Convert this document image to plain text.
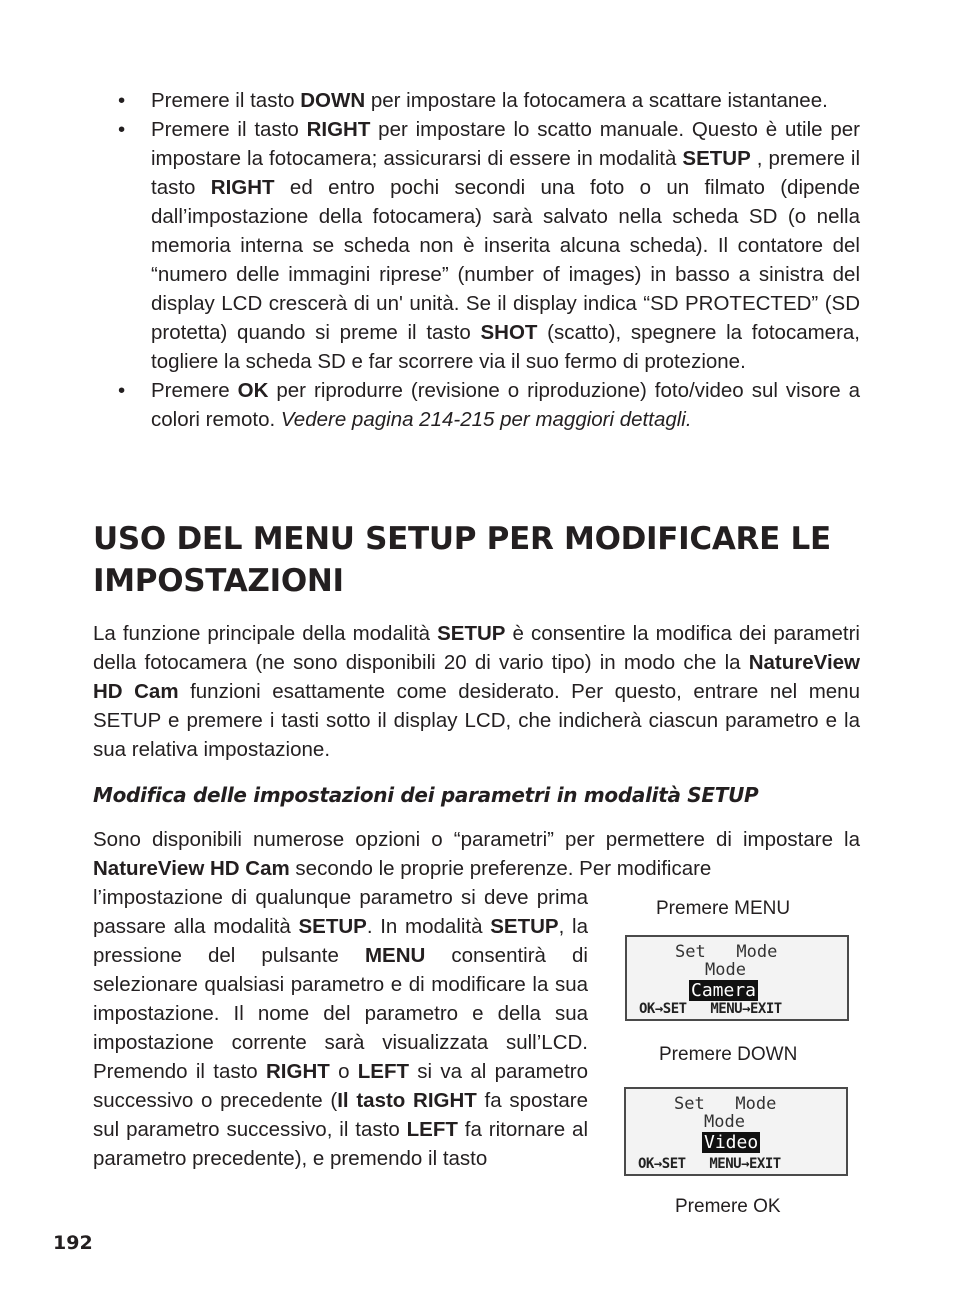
• Premere il tasto DOWN per impostare la fotocamera a scattare istantanee.
• Premere il tasto RIGHT per impostare lo scatto manuale. Questo è utile per impostare la fotocamera; assicurarsi di essere in modalità SETUP , premere il tasto RIGHT ed entro pochi secondi una foto o un filmato (dipende dall’impostazione della fotocamera) sarà salvato nella scheda SD (o nella memoria interna se scheda non è inserita alcuna scheda). Il contatore del “numero delle immagini riprese” (number of images) in basso a sinistra del display LCD crescerà di un' unità. Se il display indica “SD PROTECTED” (SD protetta) quando si preme il tasto SHOT (scatto), spegnere la fotocamera, togliere la scheda SD e far scorrere via il suo fermo di protezione.
• Premere OK per riprodurre (revisione o riproduzione) foto/video sul visore a colori remoto. Vedere pagina 214-215 per maggiori dettagli.
USO DEL MENU SETUP PER MODIFICARE LE IMPOSTAZIONI

La funzione principale della modalità SETUP è consentire la modifica dei parametri della fotocamera (ne sono disponibili 20 di vario tipo) in modo che la NatureView HD Cam funzioni esattamente come desiderato. Per questo, entrare nel menu SETUP e premere i tasti sotto il display LCD, che indicherà ciascun parametro e la sua relativa impostazione.

Modifica delle impostazioni dei parametri in modalità SETUP

Sono disponibili numerose opzioni o “parametri” per permettere di impostare la NatureView HD Cam secondo le proprie preferenze. Per modificare

l’impostazione di qualunque parametro si deve prima passare alla modalità SETUP. In modalità SETUP, la pressione del pulsante MENU consentirà di selezionare qualsiasi parametro e di modificare la sua impostazione. Il nome del parametro e della sua impostazione corrente sarà visualizzata sull’LCD. Premendo il tasto RIGHT o LEFT si va al parametro successivo o precedente (Il tasto RIGHT fa spostare sul parametro successivo, il tasto LEFT fa ritornare al parametro precedente), e premendo il tasto

Premere MENU
Set   Mode
Mode
Camera
OK→SET   MENU→EXIT
Premere DOWN
Set   Mode
Mode
Video
OK→SET   MENU→EXIT
Premere OK
192
